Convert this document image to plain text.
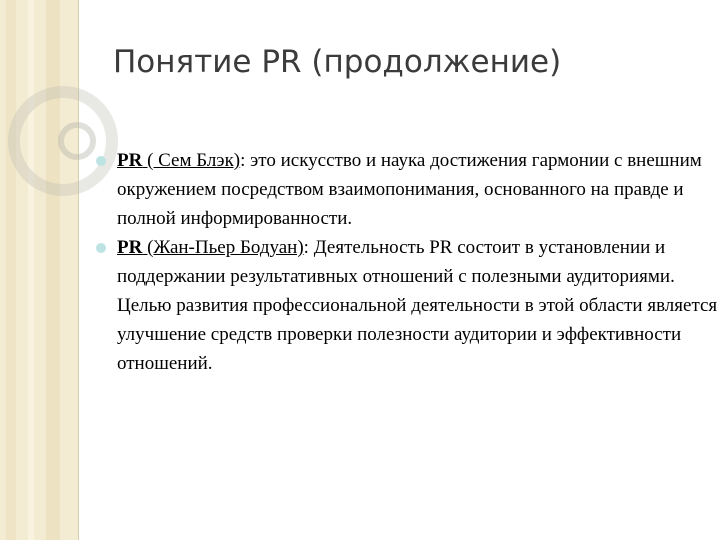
Понятие PR (продолжение)
PR ( Сем Блэк): это искусство и наука достижения гармонии с внешним окружением посредством взаимопонимания, основанного на правде и полной информированности.
PR (Жан-Пьер Бодуан): Деятельность PR состоит в установлении и поддержании результативных отношений с полезными аудиториями. Целью развития профессиональной деятельности в этой области является улучшение средств проверки полезности аудитории и эффективности отношений.
